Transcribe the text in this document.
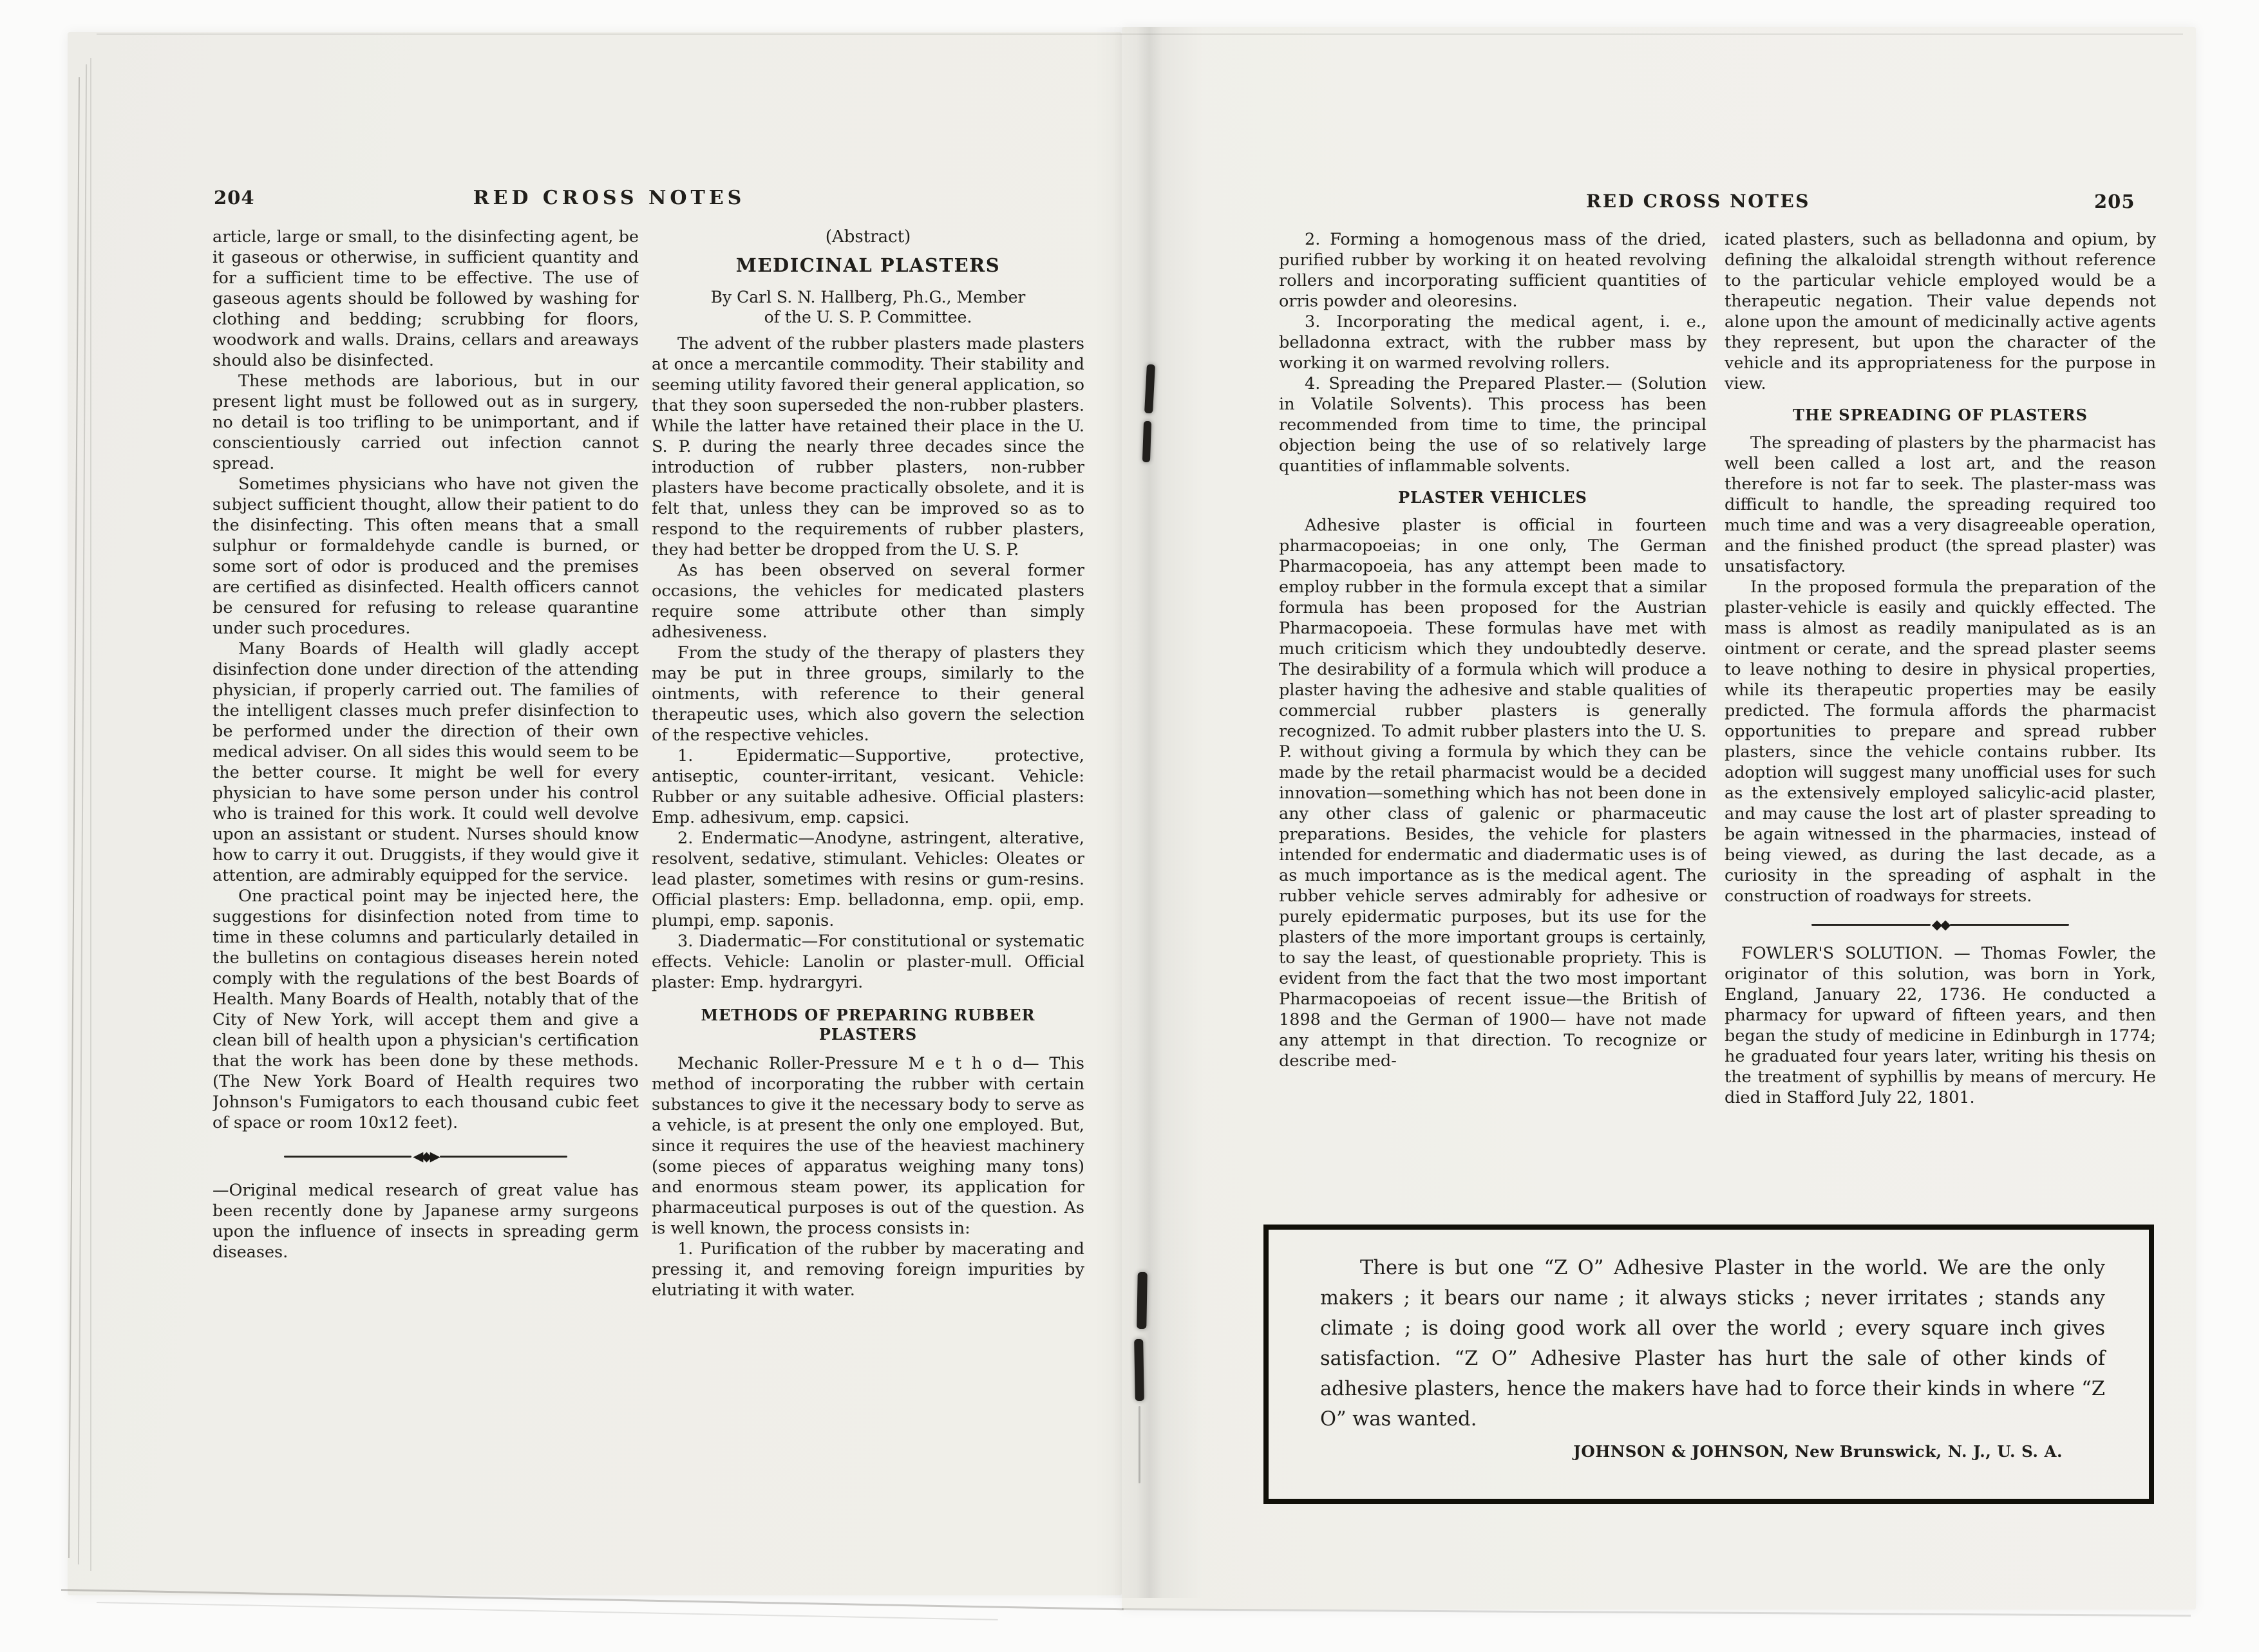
204	RED CROSS NOTES

article, large or small, to the disinfecting agent, be it gaseous or otherwise, in sufficient quantity and for a sufficient time to be effective. The use of gaseous agents should be followed by washing for clothing and bedding; scrubbing for floors, woodwork and walls. Drains, cellars and areaways should also be disinfected.

These methods are laborious, but in our present light must be followed out as in surgery, no detail is too trifling to be unimportant, and if conscientiously carried out infection cannot spread.

Sometimes physicians who have not given the subject sufficient thought, allow their patient to do the disinfecting. This often means that a small sulphur or formaldehyde candle is burned, or some sort of odor is produced and the premises are certified as disinfected. Health officers cannot be censured for refusing to release quarantine under such procedures.

Many Boards of Health will gladly accept disinfection done under direction of the attending physician, if properly carried out. The families of the intelligent classes much prefer disinfection to be performed under the direction of their own medical adviser. On all sides this would seem to be the better course. It might be well for every physician to have some person under his control who is trained for this work. It could well devolve upon an assistant or student. Nurses should know how to carry it out. Druggists, if they would give it attention, are admirably equipped for the service.

One practical point may be injected here, the suggestions for disinfection noted from time to time in these columns and particularly detailed in the bulletins on contagious diseases herein noted comply with the regulations of the best Boards of Health. Many Boards of Health, notably that of the City of New York, will accept them and give a clean bill of health upon a physician's certification that the work has been done by these methods. (The New York Board of Health requires two Johnson's Fumigators to each thousand cubic feet of space or room 10x12 feet).

◀◆▶

—Original medical research of great value has been recently done by Japanese army surgeons upon the influence of insects in spreading germ diseases.

(Abstract)

MEDICINAL PLASTERS

By Carl S. N. Hallberg, Ph.G., Member

of the U. S. P. Committee.

The advent of the rubber plasters made plasters at once a mercantile commodity. Their stability and seeming utility favored their general application, so that they soon superseded the non-rubber plasters. While the latter have retained their place in the U. S. P. during the nearly three decades since the introduction of rubber plasters, non-rubber plasters have become practically obsolete, and it is felt that, unless they can be improved so as to respond to the requirements of rubber plasters, they had better be dropped from the U. S. P.

As has been observed on several former occasions, the vehicles for medicated plasters require some attribute other than simply adhesiveness.

From the study of the therapy of plasters they may be put in three groups, similarly to the ointments, with reference to their general therapeutic uses, which also govern the selection of the respective vehicles.

1. Epidermatic—Supportive, protective, antiseptic, counter-irritant, vesicant. Vehicle: Rubber or any suitable adhesive. Official plasters: Emp. adhesivum, emp. capsici.

2. Endermatic—Anodyne, astringent, alterative, resolvent, sedative, stimulant. Vehicles: Oleates or lead plaster, sometimes with resins or gum-resins. Official plasters: Emp. belladonna, emp. opii, emp. plumpi, emp. saponis.

3. Diadermatic—For constitutional or systematic effects. Vehicle: Lanolin or plaster-mull. Official plaster: Emp. hydrargyri.

METHODS OF PREPARING RUBBER

PLASTERS

Mechanic Roller-Pressure M e t h o d— This method of incorporating the rubber with certain substances to give it the necessary body to serve as a vehicle, is at present the only one employed. But, since it requires the use of the heaviest machinery (some pieces of apparatus weighing many tons) and enormous steam power, its application for pharmaceutical purposes is out of the question. As is well known, the process consists in:

1. Purification of the rubber by macerating and pressing it, and removing foreign impurities by elutriating it with water.

RED CROSS NOTES	205

2. Forming a homogenous mass of the dried, purified rubber by working it on heated revolving rollers and incorporating sufficient quantities of orris powder and oleoresins.

3. Incorporating the medical agent, i. e., belladonna extract, with the rubber mass by working it on warmed revolving rollers.

4. Spreading the Prepared Plaster.— (Solution in Volatile Solvents). This process has been recommended from time to time, the principal objection being the use of so relatively large quantities of inflammable solvents.

PLASTER VEHICLES

Adhesive plaster is official in fourteen pharmacopoeias; in one only, The German Pharmacopoeia, has any attempt been made to employ rubber in the formula except that a similar formula has been proposed for the Austrian Pharmacopoeia. These formulas have met with much criticism which they undoubtedly deserve. The desirability of a formula which will produce a plaster having the adhesive and stable qualities of commercial rubber plasters is generally recognized. To admit rubber plasters into the U. S. P. without giving a formula by which they can be made by the retail pharmacist would be a decided innovation—something which has not been done in any other class of galenic or pharmaceutic preparations. Besides, the vehicle for plasters intended for endermatic and diadermatic uses is of as much importance as is the medical agent. The rubber vehicle serves admirably for adhesive or purely epidermatic purposes, but its use for the plasters of the more important groups is certainly, to say the least, of questionable propriety. This is evident from the fact that the two most important Pharmacopoeias of recent issue—the British of 1898 and the German of 1900— have not made any attempt in that direction. To recognize or describe med-

icated plasters, such as belladonna and opium, by defining the alkaloidal strength without reference to the particular vehicle employed would be a therapeutic negation. Their value depends not alone upon the amount of medicinally active agents they represent, but upon the character of the vehicle and its appropriateness for the purpose in view.

THE SPREADING OF PLASTERS

The spreading of plasters by the pharmacist has well been called a lost art, and the reason therefore is not far to seek. The plaster-mass was difficult to handle, the spreading required too much time and was a very disagreeable operation, and the finished product (the spread plaster) was unsatisfactory.

In the proposed formula the preparation of the plaster-vehicle is easily and quickly effected. The mass is almost as readily manipulated as is an ointment or cerate, and the spread plaster seems to leave nothing to desire in physical properties, while its therapeutic properties may be easily predicted. The formula affords the pharmacist opportunities to prepare and spread rubber plasters, since the vehicle contains rubber. Its adoption will suggest many unofficial uses for such as the extensively employed salicylic-acid plaster, and may cause the lost art of plaster spreading to be again witnessed in the pharmacies, instead of being viewed, as during the last decade, as a curiosity in the spreading of asphalt in the construction of roadways for streets.

◆◆

FOWLER'S SOLUTION. — Thomas Fowler, the originator of this solution, was born in York, England, January 22, 1736. He conducted a pharmacy for upward of fifteen years, and then began the study of medicine in Edinburgh in 1774; he graduated four years later, writing his thesis on the treatment of syphillis by means of mercury. He died in Stafford July 22, 1801.

There is but one “Z O” Adhesive Plaster in the world. We are the only makers ; it bears our name ; it always sticks ; never irritates ; stands any climate ; is doing good work all over the world ; every square inch gives satisfaction. “Z O” Adhesive Plaster has hurt the sale of other kinds of adhesive plasters, hence the makers have had to force their kinds in where “Z O” was wanted.

JOHNSON & JOHNSON, New Brunswick, N. J., U. S. A.
